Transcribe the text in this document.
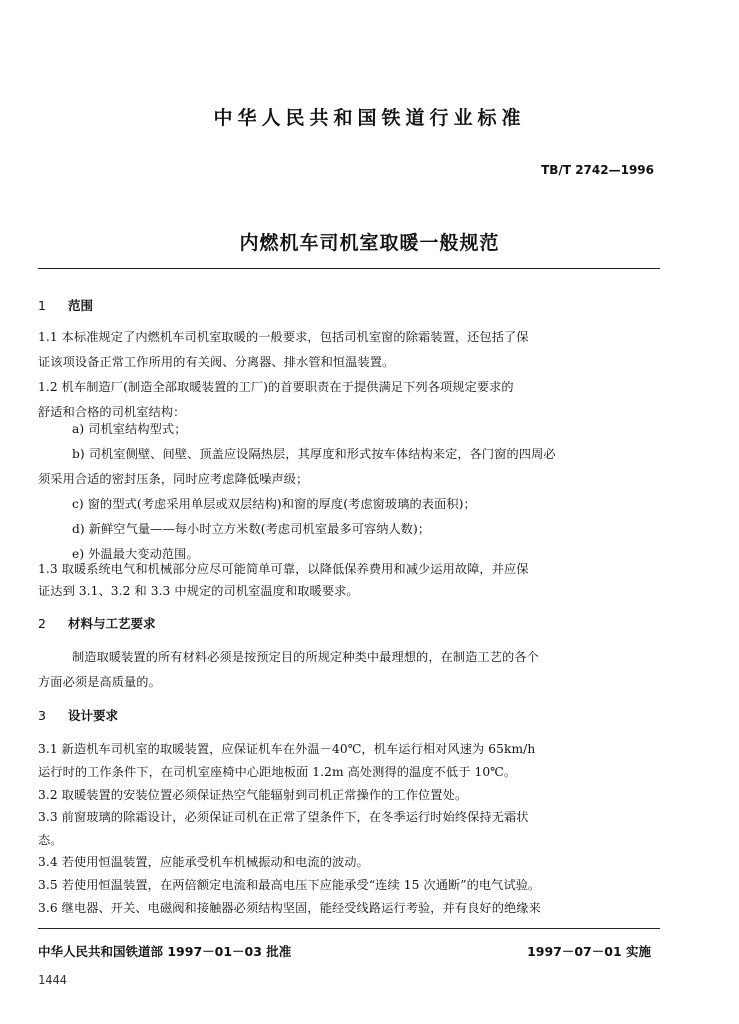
中华人民共和国铁道行业标准
TB/T 2742—1996
内燃机车司机室取暖一般规范
1 范围
1.1 本标准规定了内燃机车司机室取暖的一般要求，包括司机室窗的除霜装置，还包括了保
证该项设备正常工作所用的有关阀、分离器、排水管和恒温装置。
1.2 机车制造厂(制造全部取暖装置的工厂)的首要职责在于提供满足下列各项规定要求的
舒适和合格的司机室结构：
a) 司机室结构型式；
b) 司机室侧壁、间壁、顶盖应设隔热层，其厚度和形式按车体结构来定，各门窗的四周必
须采用合适的密封压条，同时应考虑降低噪声级；
c) 窗的型式(考虑采用单层或双层结构)和窗的厚度(考虑窗玻璃的表面积)；
d) 新鲜空气量——每小时立方米数(考虑司机室最多可容纳人数)；
e) 外温最大变动范围。
1.3 取暖系统电气和机械部分应尽可能简单可靠，以降低保养费用和减少运用故障，并应保
证达到 3.1、3.2 和 3.3 中规定的司机室温度和取暖要求。
2 材料与工艺要求
制造取暖装置的所有材料必须是按预定目的所规定种类中最理想的，在制造工艺的各个
方面必须是高质量的。
3 设计要求
3.1 新造机车司机室的取暖装置，应保证机车在外温－40℃，机车运行相对风速为 65km/h
运行时的工作条件下，在司机室座椅中心距地板面 1.2m 高处测得的温度不低于 10℃。
3.2 取暖装置的安装位置必须保证热空气能辐射到司机正常操作的工作位置处。
3.3 前窗玻璃的除霜设计，必须保证司机在正常了望条件下，在冬季运行时始终保持无霜状
态。
3.4 若使用恒温装置，应能承受机车机械振动和电流的波动。
3.5 若使用恒温装置，在两倍额定电流和最高电压下应能承受“连续 15 次通断”的电气试验。
3.6 继电器、开关、电磁阀和接触器必须结构坚固，能经受线路运行考验，并有良好的绝缘来
中华人民共和国铁道部 1997－01－03 批准	1997－07－01 实施
1444
